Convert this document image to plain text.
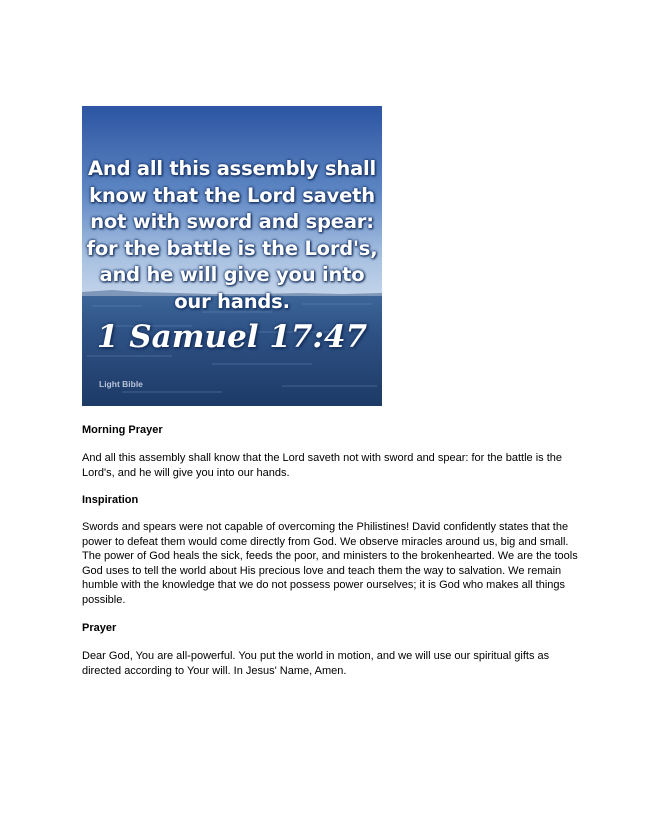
And all this assembly shall
know that the Lord saveth
not with sword and spear:
for the battle is the Lord's,
and he will give you into
our hands.
1 Samuel 17:47
Light Bible
Morning Prayer
And all this assembly shall know that the Lord saveth not with sword and spear: for the battle is the
Lord's, and he will give you into our hands.
Inspiration
Swords and spears were not capable of overcoming the Philistines! David confidently states that the
power to defeat them would come directly from God. We observe miracles around us, big and small.
The power of God heals the sick, feeds the poor, and ministers to the brokenhearted. We are the tools
God uses to tell the world about His precious love and teach them the way to salvation. We remain
humble with the knowledge that we do not possess power ourselves; it is God who makes all things
possible.
Prayer
Dear God, You are all-powerful. You put the world in motion, and we will use our spiritual gifts as
directed according to Your will. In Jesus' Name, Amen.
